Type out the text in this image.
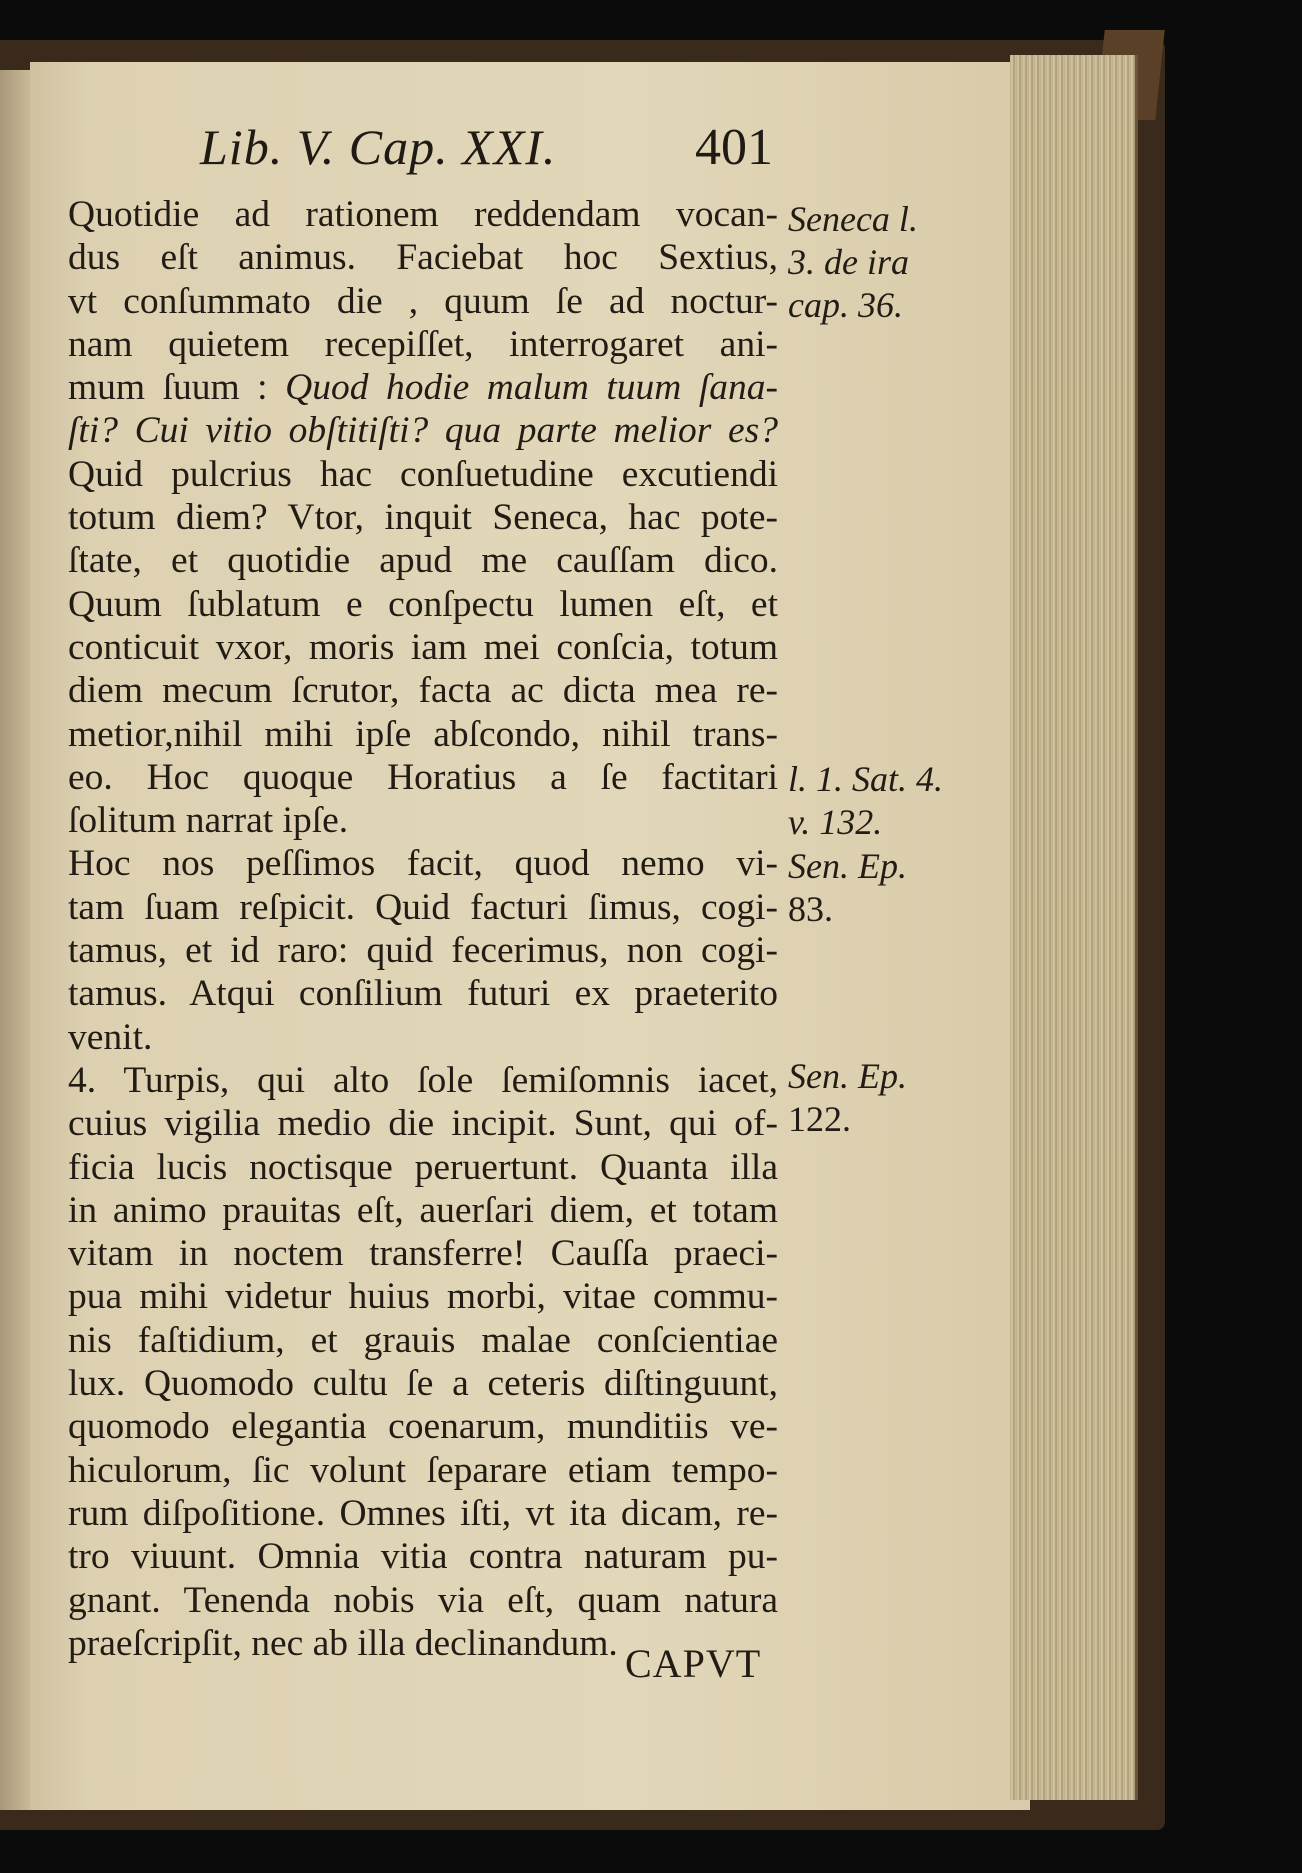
Lib. V. Cap. XXI.	401
Quotidie ad rationem reddendam vocan-
dus eſt animus. Faciebat hoc Sextius,
vt conſummato die , quum ſe ad noctur-
nam quietem recepiſſet, interrogaret ani-
mum ſuum : Quod hodie malum tuum ſana-
ſti? Cui vitio obſtitiſti? qua parte melior es?
Quid pulcrius hac conſuetudine excutiendi
totum diem? Vtor, inquit Seneca, hac pote-
ſtate, et quotidie apud me cauſſam dico.
Quum ſublatum e conſpectu lumen eſt, et
conticuit vxor, moris iam mei conſcia, totum
diem mecum ſcrutor, facta ac dicta mea re-
metior,nihil mihi ipſe abſcondo, nihil trans-
eo. Hoc quoque Horatius a ſe factitari
ſolitum narrat ipſe.
Hoc nos peſſimos facit, quod nemo vi-
tam ſuam reſpicit. Quid facturi ſimus, cogi-
tamus, et id raro: quid fecerimus, non cogi-
tamus. Atqui conſilium futuri ex praeterito
venit.
4. Turpis, qui alto ſole ſemiſomnis iacet,
cuius vigilia medio die incipit. Sunt, qui of-
ficia lucis noctisque peruertunt. Quanta illa
in animo prauitas eſt, auerſari diem, et totam
vitam in noctem transferre! Cauſſa praeci-
pua mihi videtur huius morbi, vitae commu-
nis faſtidium, et grauis malae conſcientiae
lux. Quomodo cultu ſe a ceteris diſtinguunt,
quomodo elegantia coenarum, munditiis ve-
hiculorum, ſic volunt ſeparare etiam tempo-
rum diſpoſitione. Omnes iſti, vt ita dicam, re-
tro viuunt. Omnia vitia contra naturam pu-
gnant. Tenenda nobis via eſt, quam natura
praeſcripſit, nec ab illa declinandum.
Seneca l.
3. de ira
cap. 36.
l. 1. Sat. 4.
v. 132.
Sen. Ep.
83.
Sen. Ep.
122.
CAPVT
